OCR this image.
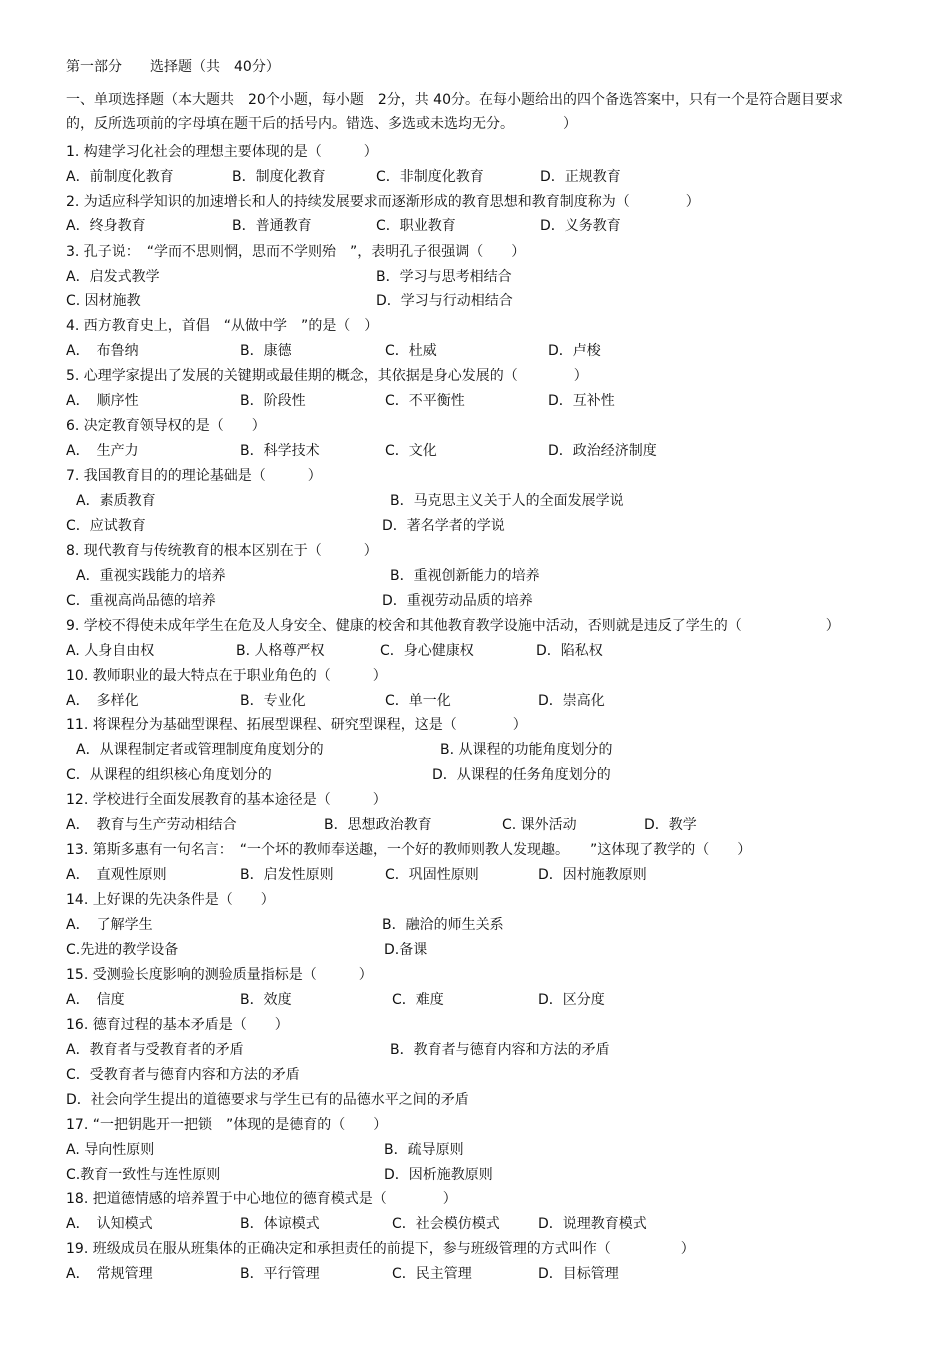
第一部分　　选择题（共　40分）
一、单项选择题（本大题共　20个小题，每小题　2分，共 40分。在每小题给出的四个备选答案中，只有一个是符合题目要求的，反所选项前的字母填在题干后的括号内。错选、多选或未选均无分。　　　　）
1. 构建学习化社会的理想主要体现的是（　　　）
A．前制度化教育	B．制度化教育	C．非制度化教育	D．正规教育
2. 为适应科学知识的加速增长和人的持续发展要求而逐渐形成的教育思想和教育制度称为（　　　　）
A．终身教育	B．普通教育	C．职业教育	D．义务教育
3. 孔子说：　“学而不思则惘，思而不学则殆　”，表明孔子很强调（　　）
A．启发式教学	B．学习与思考相结合
C. 因材施教	D．学习与行动相结合
4. 西方教育史上，首倡　“从做中学　”的是（　）
A．　布鲁纳	B．康德	C．杜威	D．卢梭
5. 心理学家提出了发展的关键期或最佳期的概念，其依据是身心发展的（　　　　）
A．　顺序性	B．阶段性	C．不平衡性	D．互补性
6. 决定教育领导权的是（　　）
A．　生产力	B．科学技术	C．文化	D．政治经济制度
7. 我国教育目的的理论基础是（　　　）
A．素质教育	B．马克思主义关于人的全面发展学说
C．应试教育	D．著名学者的学说
8. 现代教育与传统教育的根本区别在于（　　　）
A．重视实践能力的培养	B．重视创新能力的培养
C．重视高尚品德的培养	D．重视劳动品质的培养
9. 学校不得使未成年学生在危及人身安全、健康的校舍和其他教育教学设施中活动，否则就是违反了学生的（　　　　　　）
A. 人身自由权	B. 人格尊严权	C．身心健康权	D．陷私权
10. 教师职业的最大特点在于职业角色的（　　　）
A．　多样化	B．专业化	C．单一化	D．崇高化
11. 将课程分为基础型课程、拓展型课程、研究型课程，这是（　　　　）
A．从课程制定者或管理制度角度划分的	B. 从课程的功能角度划分的
C．从课程的组织核心角度划分的	D．从课程的任务角度划分的
12. 学校进行全面发展教育的基本途径是（　　　）
A．　教育与生产劳动相结合	B．思想政治教育	C. 课外活动	D．教学
13. 第斯多惠有一句名言：　“一个坏的教师奉送趣，一个好的教师则教人发现趣。　　”这体现了教学的（　　）
A．　直观性原则	B．启发性原则	C．巩固性原则	D．因村施教原则
14. 上好课的先决条件是（　　）
A．　了解学生	B．融洽的师生关系
C.先进的教学设备	D.备课
15. 受测验长度影响的测验质量指标是（　　　）
A．　信度	B．效度	C．难度	D．区分度
16. 德育过程的基本矛盾是（　　）
A．教育者与受教育者的矛盾	B．教育者与德育内容和方法的矛盾
C．受教育者与德育内容和方法的矛盾
D．社会向学生提出的道德要求与学生已有的品德水平之间的矛盾
17. “一把钥匙开一把锁　”体现的是德育的（　　）
A. 导向性原则	B．疏导原则
C.教育一致性与连性原则	D．因析施教原则
18. 把道德情感的培养置于中心地位的德育模式是（　　　　）
A．　认知模式	B．体谅模式	C．社会模仿模式	D．说理教育模式
19. 班级成员在服从班集体的正确决定和承担责任的前提下，参与班级管理的方式叫作（　　　　　）
A．　常规管理	B．平行管理	C．民主管理	D．目标管理
